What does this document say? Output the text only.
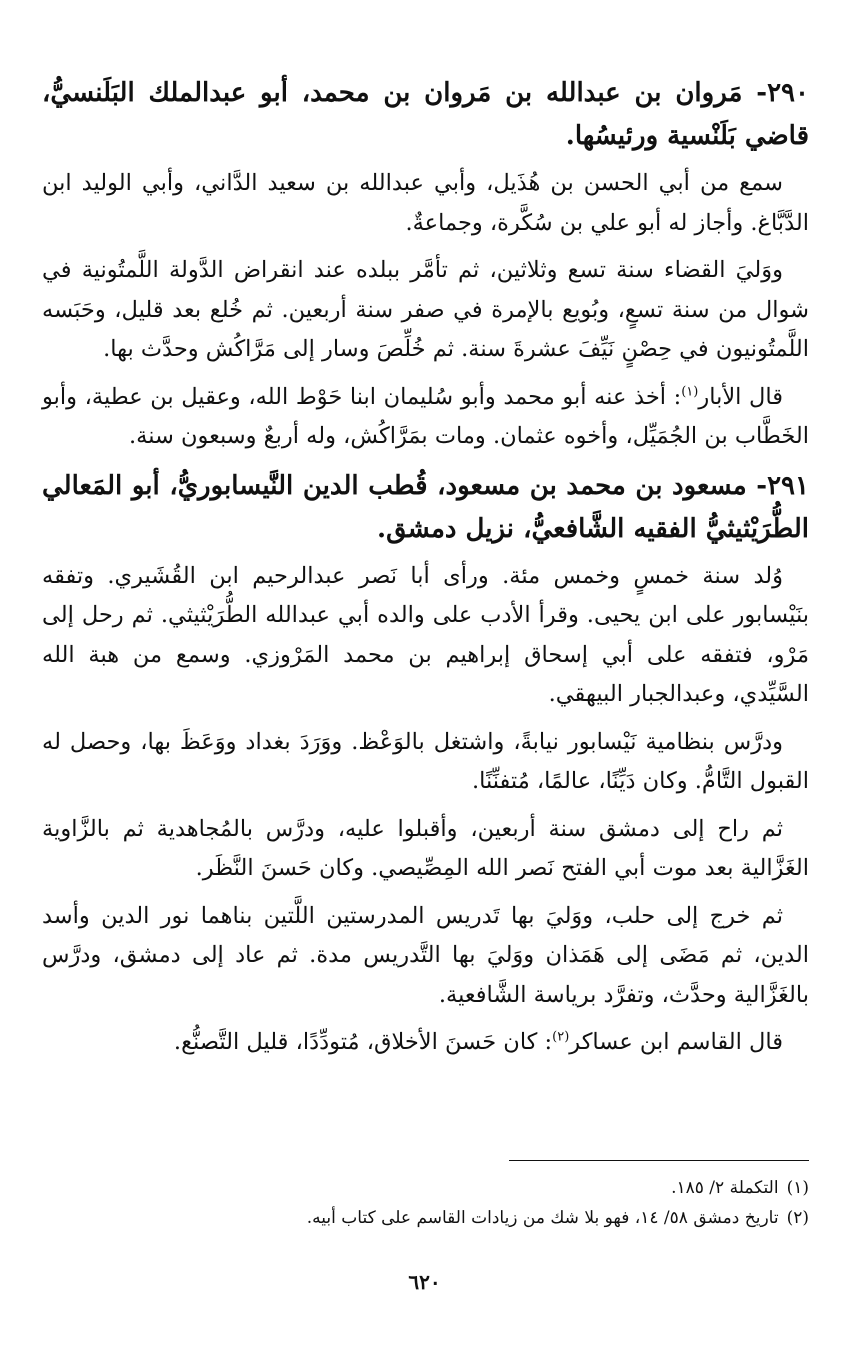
٢٩٠- مَروان بن عبدالله بن مَروان بن محمد، أبو عبدالملك البَلَنسيُّ، قاضي بَلَنْسية ورئيسُها.

سمع من أبي الحسن بن هُذَيل، وأبي عبدالله بن سعيد الدَّاني، وأبي الوليد ابن الدَّبَّاغ. وأجاز له أبو علي بن سُكَّرة، وجماعةٌ.

ووَليَ القضاء سنة تسع وثلاثين، ثم تأمَّر ببلده عند انقراض الدَّولة اللَّمتُونية في شوال من سنة تسعٍ، وبُويع بالإمرة في صفر سنة أربعين. ثم خُلع بعد قليل، وحَبَسه اللَّمتُونيون في حِصْنٍ نَيِّفَ عشرةَ سنة. ثم خُلِّصَ وسار إلى مَرَّاكُش وحدَّث بها.

قال الأبار$^{(١)}$: أخذ عنه أبو محمد وأبو سُليمان ابنا حَوْط الله، وعقيل بن عطية، وأبو الخَطَّاب بن الجُمَيِّل، وأخوه عثمان. ومات بمَرَّاكُش، وله أربعٌ وسبعون سنة.

٢٩١- مسعود بن محمد بن مسعود، قُطب الدين النَّيسابوريُّ، أبو المَعالي الطُّرَيْثيثيُّ الفقيه الشَّافعيُّ، نزيل دمشق.

وُلد سنة خمسٍ وخمس مئة. ورأى أبا نَصر عبدالرحيم ابن القُشَيري. وتفقه بنَيْسابور على ابن يحيى. وقرأ الأدب على والده أبي عبدالله الطُّرَيْثيثي. ثم رحل إلى مَرْو، فتفقه على أبي إسحاق إبراهيم بن محمد المَرْوزي. وسمع من هبة الله السَّيِّدي، وعبدالجبار البيهقي.

ودرَّس بنظامية نَيْسابور نيابةً، واشتغل بالوَعْظ. ووَرَدَ بغداد ووَعَظَ بها، وحصل له القبول التَّامُّ. وكان دَيِّنًا، عالمًا، مُتفنِّنًا.

ثم راح إلى دمشق سنة أربعين، وأقبلوا عليه، ودرَّس بالمُجاهدية ثم بالزَّاوية الغَزَّالية بعد موت أبي الفتح نَصر الله المِصِّيصي. وكان حَسنَ النَّظَر.

ثم خرج إلى حلب، ووَليَ بها تَدريس المدرستين اللَّتين بناهما نور الدين وأسد الدين، ثم مَضَى إلى هَمَذان ووَليَ بها التَّدريس مدة. ثم عاد إلى دمشق، ودرَّس بالغَزَّالية وحدَّث، وتفرَّد برياسة الشَّافعية.

قال القاسم ابن عساكر$^{(٢)}$: كان حَسنَ الأخلاق، مُتودِّدًا، قليل التَّصنُّع.

(١)التكملة ٢/ ١٨٥.

(٢)تاريخ دمشق ٥٨/ ١٤، فهو بلا شك من زيادات القاسم على كتاب أبيه.

٦٢٠
